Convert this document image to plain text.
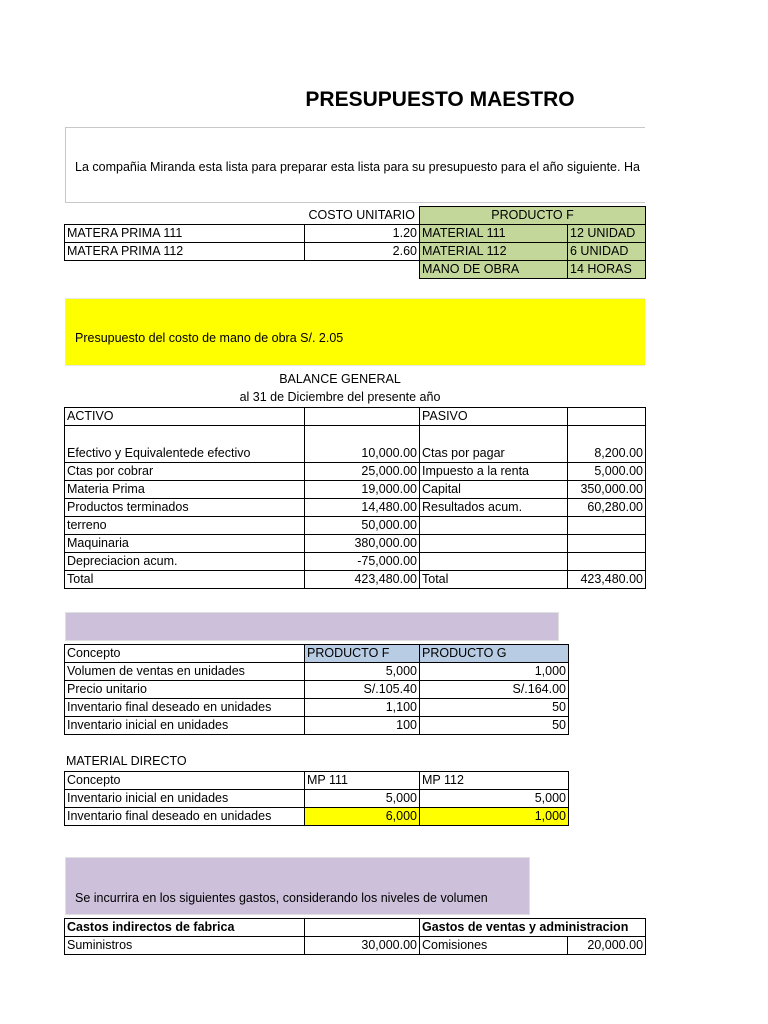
PRESUPUESTO MAESTRO

La compañia Miranda esta lista para preparar esta lista para su presupuesto para el año siguiente. Ha

	COSTO UNITARIO	PRODUCTO F	
MATERA PRIMA 111	1.20	MATERIAL 111	12 UNIDAD
MATERA PRIMA 112	2.60	MATERIAL 112	6 UNIDAD
		MANO DE OBRA	14 HORAS

Presupuesto del costo de mano de obra S/. 2.05

BALANCE GENERAL
al 31 de Diciembre del presente año
ACTIVO		PASIVO	
Efectivo y Equivalentede efectivo	10,000.00	Ctas por pagar	8,200.00
Ctas por cobrar	25,000.00	Impuesto a la renta	5,000.00
Materia Prima	19,000.00	Capital	350,000.00
Productos terminados	14,480.00	Resultados acum.	60,280.00
terreno	50,000.00		
Maquinaria	380,000.00		
Depreciacion acum.	-75,000.00		
Total	423,480.00	Total	423,480.00

Concepto	PRODUCTO F	PRODUCTO G
Volumen de ventas en unidades	5,000	1,000
Precio unitario	S/.105.40	S/.164.00
Inventario final deseado en unidades	1,100	50
Inventario inicial en unidades	100	50
MATERIAL DIRECTO
Concepto	MP 111	MP 112
Inventario inicial en unidades	5,000	5,000
Inventario final deseado en unidades	6,000	1,000

Se incurrira en los siguientes gastos, considerando los niveles de volumen

Castos indirectos de fabrica		Gastos de ventas y administracion	
Suministros	30,000.00	Comisiones	20,000.00
